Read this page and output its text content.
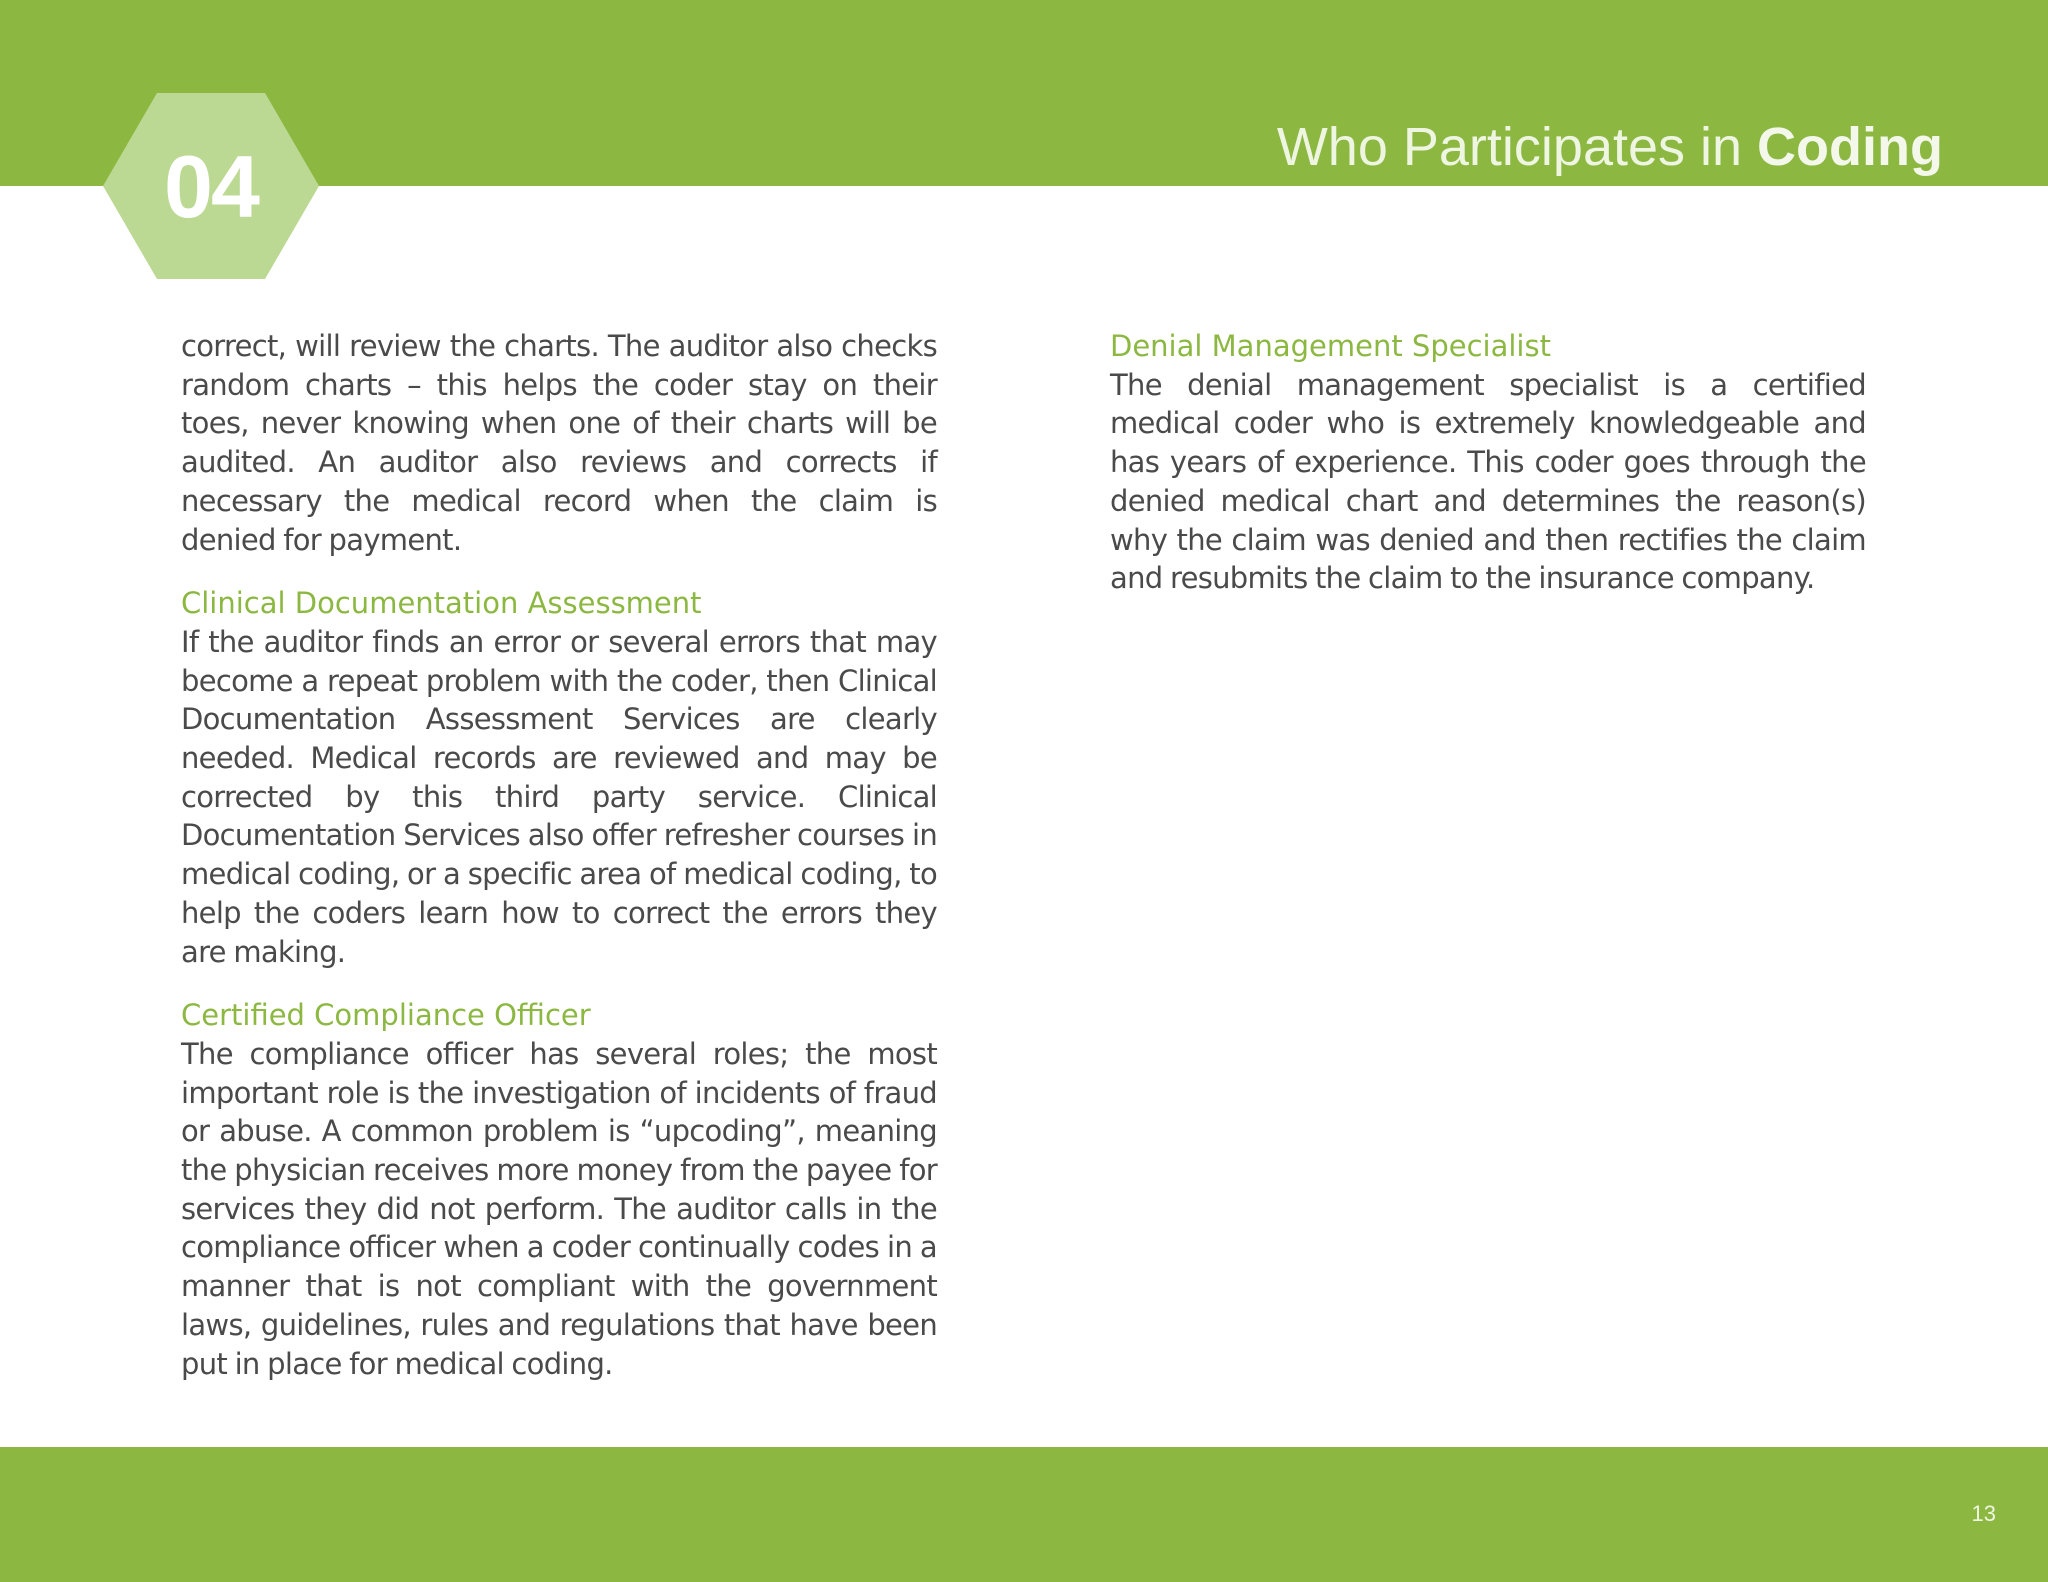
Who Participates in Coding
04

correct, will review the charts. The auditor also checks random charts – this helps the coder stay on their toes, never knowing when one of their charts will be audited. An auditor also reviews and corrects if necessary the medical record when the claim is denied for payment.

Clinical Documentation Assessment

If the auditor finds an error or several errors that may become a repeat problem with the coder, then Clinical Documentation Assessment Services are clearly needed. Medical records are reviewed and may be corrected by this third party service. Clinical Documentation Services also offer refresher courses in medical coding, or a specific area of medical coding, to help the coders learn how to correct the errors they are making.

Certified Compliance Officer

The compliance officer has several roles; the most important role is the investigation of incidents of fraud or abuse. A common problem is “upcoding”, meaning the physician receives more money from the payee for services they did not perform. The auditor calls in the compliance officer when a coder continually codes in a manner that is not compliant with the government laws, guidelines, rules and regulations that have been put in place for medical coding.

Denial Management Specialist

The denial management specialist is a certified medical coder who is extremely knowledgeable and has years of experience. This coder goes through the denied medical chart and determines the reason(s) why the claim was denied and then rectifies the claim and resubmits the claim to the insurance company.

13
